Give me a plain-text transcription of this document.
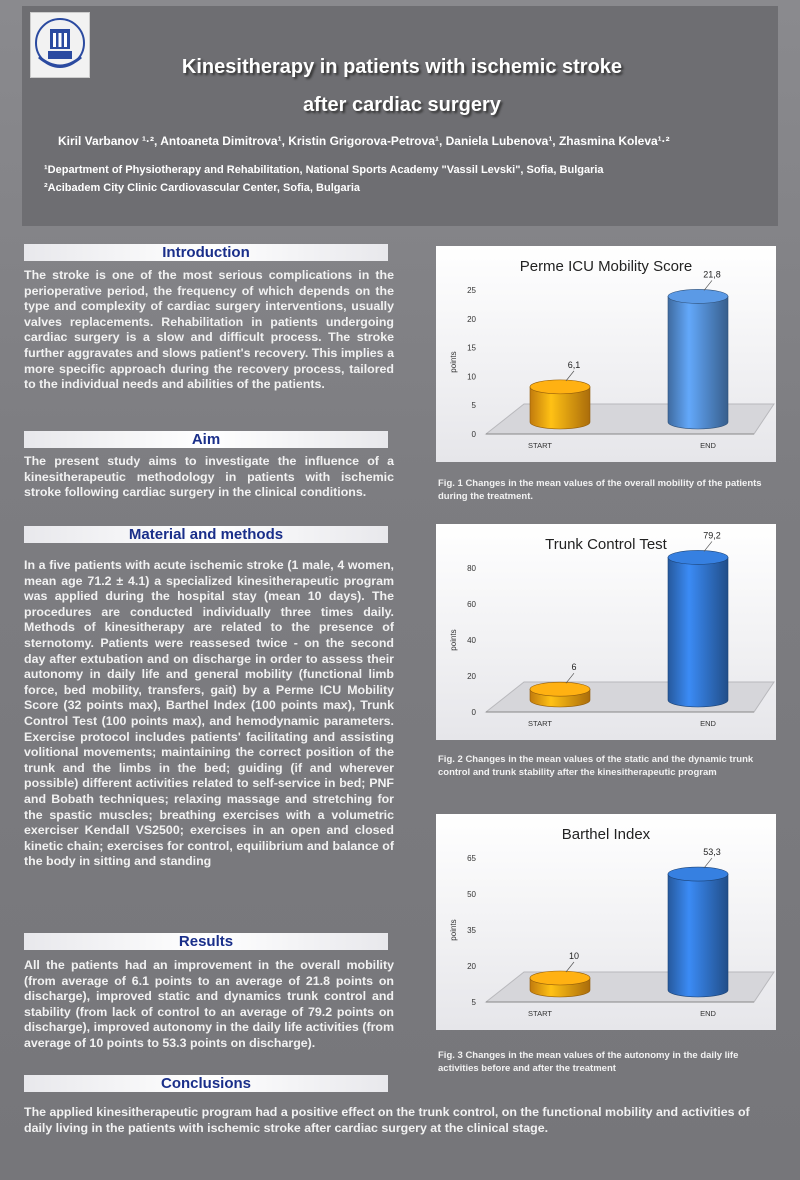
Kinesitherapy in patients with ischemic stroke
after cardiac surgery
Kiril Varbanov ¹·², Antoaneta Dimitrova¹, Kristin Grigorova-Petrova¹, Daniela Lubenova¹, Zhasmina Koleva¹·²
¹Department of Physiotherapy and Rehabilitation, National Sports Academy "Vassil Levski", Sofia, Bulgaria
²Acibadem City Clinic Cardiovascular Center, Sofia, Bulgaria
Introduction
The stroke is one of the most serious complications in the perioperative period, the frequency of which depends on the type and complexity of cardiac surgery interventions, usually valves replacements. Rehabilitation in patients undergoing cardiac surgery is a slow and difficult process. The stroke further aggravates and slows patient's recovery. This implies a more specific approach during the recovery process, tailored to the individual needs and abilities of the patients.
Aim
The present study aims to investigate the influence of a kinesitherapeutic methodology in patients with ischemic stroke following cardiac surgery in the clinical conditions.
Material and methods
In a five patients with acute ischemic stroke (1 male, 4 women, mean age 71.2 ± 4.1) a specialized kinesitherapeutic program was applied during the hospital stay (mean 10 days). The procedures are conducted individually three times daily. Methods of kinesitherapy are related to the presence of sternotomy. Patients were reassesed twice - on the second day after extubation and on discharge in order to assess their autonomy in daily life and general mobility (functional limb force, bed mobility, transfers, gait) by a Perme ICU Mobility Score (32 points max), Barthel Index (100 points max), Trunk Control Test (100 points max), and hemodynamic parameters. Exercise protocol includes patients' facilitating and assisting volitional movements; maintaining the correct position of the trunk and the limbs in the bed; guiding (if and wherever possible) different activities related to self-service in bed; PNF and Bobath techniques; relaxing massage and stretching for the spastic muscles; breathing exercises with a volumetric exerciser Kendall VS2500; exercises in an open and closed kinetic chain; exercises for control, equilibrium and balance of the body in sitting and standing
Results
All the patients had an improvement in the overall mobility (from average of 6.1 points to an average of 21.8 points on discharge), improved static and dynamics trunk control and stability (from lack of control to an average of 79.2 points on discharge), improved autonomy in the daily life activities (from average of 10 points to 53.3 points on discharge).
Conclusions
The applied kinesitherapeutic program had a positive effect on the trunk control, on the functional mobility and activities of daily living in the patients with ischemic stroke after cardiac surgery at the clinical stage.
Perme ICU Mobility Score
points
0
5
10
15
20
25
6,1
START
21,8
END
Fig. 1 Changes in the mean values of the overall mobility of the patients during the treatment.
Trunk Control Test
points
0
20
40
60
80
6
START
79,2
END
Fig. 2 Changes in the mean values of the static and the dynamic trunk control and trunk stability after the kinesitherapeutic program
Barthel Index
points
5
20
35
50
65
10
START
53,3
END
Fig. 3 Changes in the mean values of the autonomy in the daily life activities before and after the treatment
